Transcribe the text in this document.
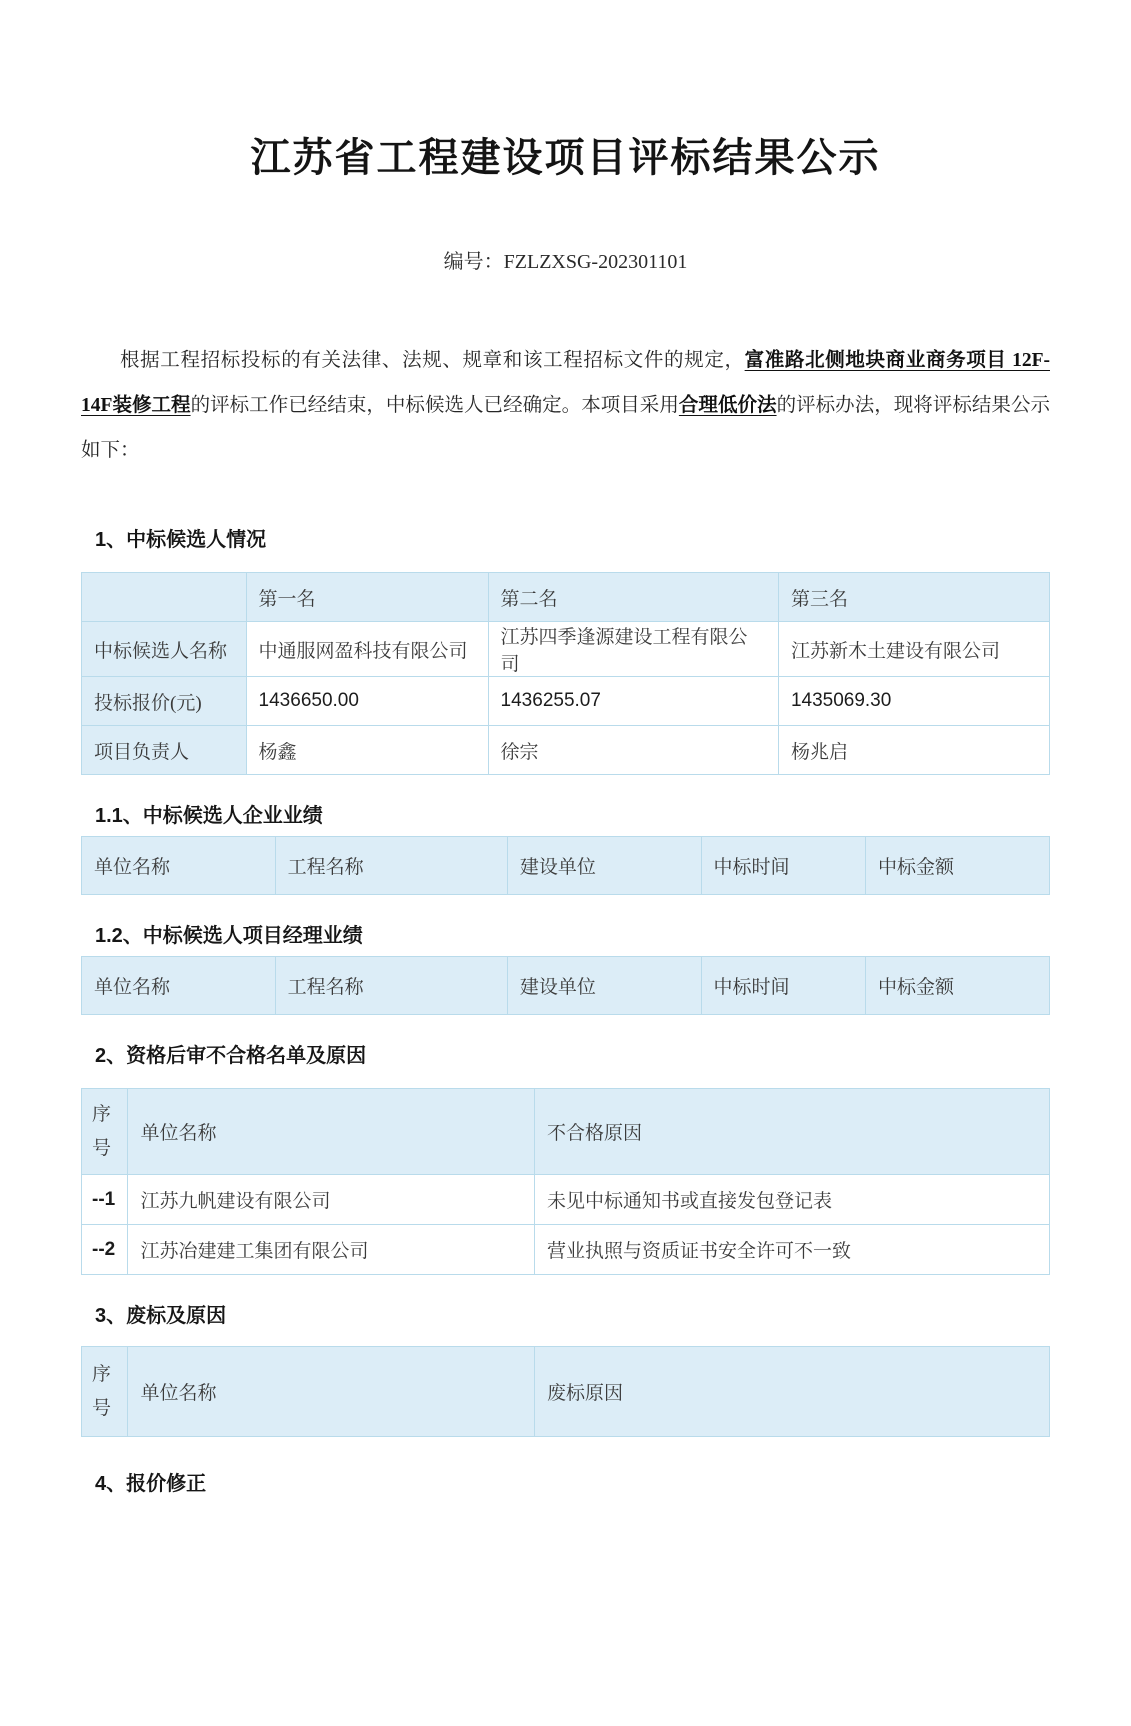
江苏省工程建设项目评标结果公示
编号：FZLZXSG-202301101

根据工程招标投标的有关法律、法规、规章和该工程招标文件的规定，富准路北侧地块商业商务项目 12F-14F装修工程的评标工作已经结束，中标候选人已经确定。本项目采用合理低价法的评标办法，现将评标结果公示如下：

1、中标候选人情况
	第一名	第二名	第三名
中标候选人名称	中通服网盈科技有限公司	江苏四季逢源建设工程有限公司	江苏新木土建设有限公司
投标报价(元)	1436650.00	1436255.07	1435069.30
项目负责人	杨鑫	徐宗	杨兆启
1.1、中标候选人企业业绩
单位名称	工程名称	建设单位	中标时间	中标金额
1.2、中标候选人项目经理业绩
单位名称	工程名称	建设单位	中标时间	中标金额
2、资格后审不合格名单及原因
序号	单位名称	不合格原因
--1	江苏九帆建设有限公司	未见中标通知书或直接发包登记表
--2	江苏冶建建工集团有限公司	营业执照与资质证书安全许可不一致
3、废标及原因
序号	单位名称	废标原因
4、报价修正
